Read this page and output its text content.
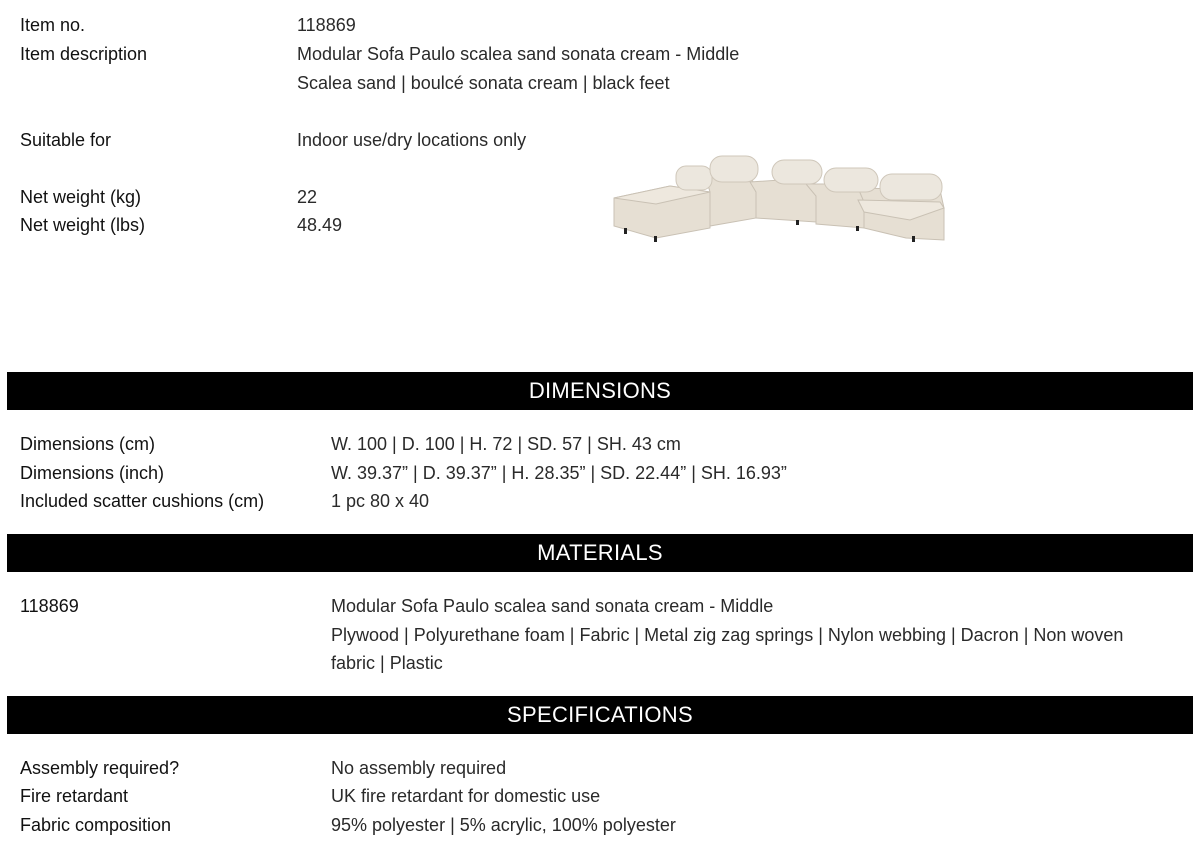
Item no.	118869
Item description	Modular Sofa Paulo scalea sand sonata cream - Middle
Scalea sand | boulcé sonata cream | black feet
Suitable for	Indoor use/dry locations only
Net weight (kg)	22
Net weight (lbs)	48.49
DIMENSIONS
Dimensions (cm)	W. 100 | D. 100 | H. 72 | SD. 57 | SH. 43 cm
Dimensions (inch)	W. 39.37” | D. 39.37” | H. 28.35” | SD. 22.44” | SH. 16.93”
Included scatter cushions (cm)	1 pc 80 x 40
MATERIALS
118869	Modular Sofa Paulo scalea sand sonata cream - Middle
Plywood | Polyurethane foam | Fabric | Metal zig zag springs | Nylon webbing | Dacron | Non woven
fabric | Plastic
SPECIFICATIONS
Assembly required?	No assembly required
Fire retardant	UK fire retardant for domestic use
Fabric composition	95% polyester | 5% acrylic, 100% polyester
